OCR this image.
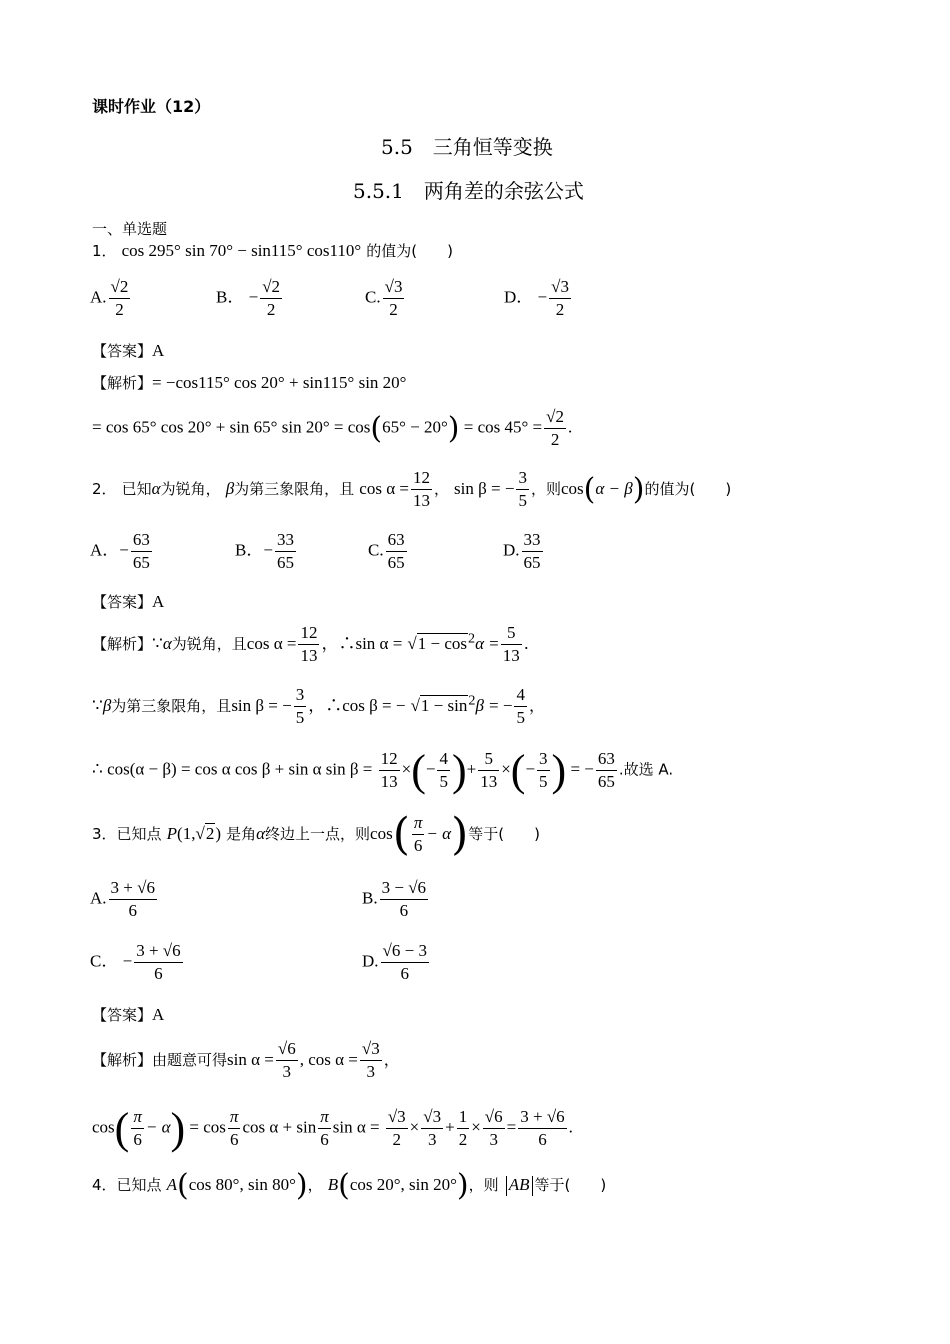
课时作业（12）
5.5　三角恒等变换
5.5.1　两角差的余弦公式
一、单选题
1． cos 295° sin 70° − sin115° cos110° 的值为(　　)
A. $\frac{√2}{2}$	B． − $\frac{√2}{2}$	C. $\frac{√3}{2}$	D． − $\frac{√3}{2}$
【答案】A
【解析】= −cos115° cos 20° + sin115° sin 20°
= cos 65° cos 20° + sin 65° $\sin 20^\circ = \cos(65^\circ - 20^\circ) = \cos 45^\circ = \frac{√2}{2}$ .
2． 已知α为锐角， β为第三象限角，且 $\cos \alpha = \frac{12}{13}$ ， sin β = − $\frac{3}{5}$ ，则cos(α − β)的值为(　　)
A．− $\frac{63}{65}$	B．− $\frac{33}{65}$	C. $\frac{63}{65}$	D. $\frac{33}{65}$
【答案】A
【解析】∵α为锐角，且$\cos \alpha = \frac{12}{13}$ ，∴sin $\alpha = √1 - \cos^2\alpha = \frac{5}{13}$ .
∵β为第三象限角，且sin β = − $\frac{3}{5}$ ，∴cos β = − $√1 - \sin^2\beta$ = − $\frac{4}{5}$ ，
∴ cos(α − β) = cos α cos β + sin α $\sin \beta = \frac{12}{13}$ ×(− $\frac{4}{5}$ )+ $\frac{5}{13}$ ×(− $\frac{3}{5}$ ) = − $\frac{63}{65}$ .故选 A.
3．已知点 P(1,√2) 是角α终边上一点，则$\cos( \frac{\pi}{6} - \alpha)$等于(　　)
A. $\frac{3 + √6}{6}$	B. $\frac{3 - √6}{6}$
C． − $\frac{3 + √6}{6}$	D. $\frac{√6 - 3}{6}$
【答案】A
【解析】由题意可得$\sin \alpha = \frac{√6}{3}$ , $\cos \alpha = \frac{√3}{3}$ ，
$\cos( \frac{\pi}{6} - \alpha) = \cos \frac{\pi}{6}$ $\cos \alpha + \sin \frac{\pi}{6}$ $\sin \alpha = \frac{√3}{2} \times \frac{√3}{3} + \frac{1}{2} \times \frac{√6}{3} = \frac{3 + √6}{6}$ .
4．已知点 A(cos 80°, sin 80°)， B(cos 20°, sin 20°)，则 AB 等于(　　)
